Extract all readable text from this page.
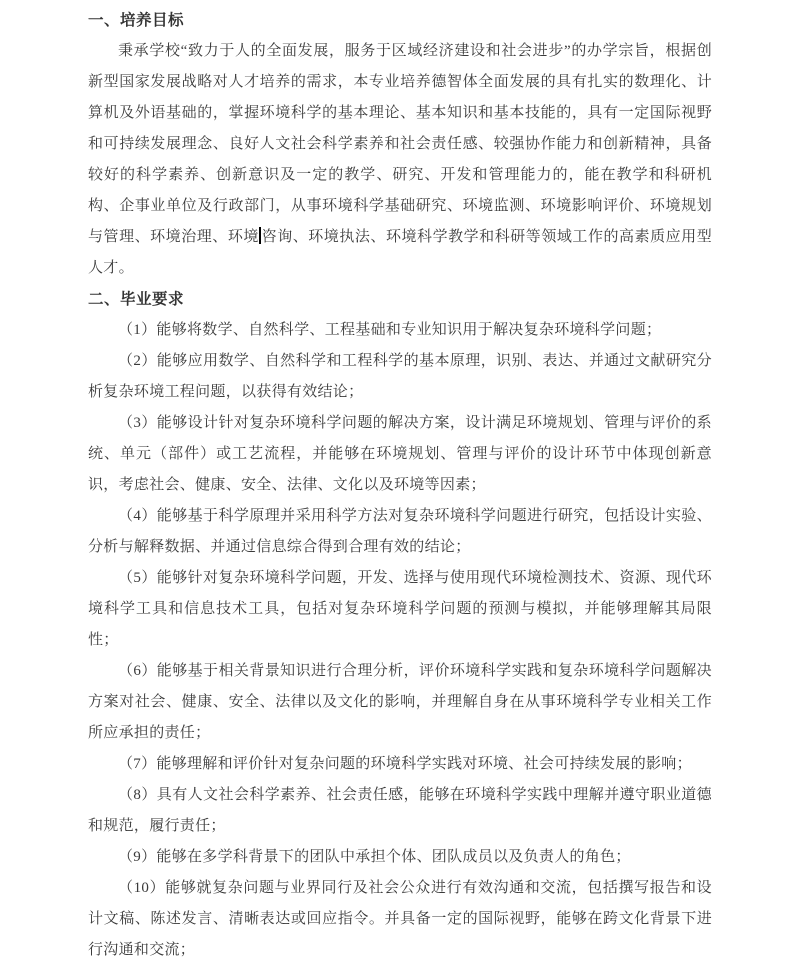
一、培养目标

秉承学校“致力于人的全面发展，服务于区域经济建设和社会进步”的办学宗旨，根据创新型国家发展战略对人才培养的需求，本专业培养德智体全面发展的具有扎实的数理化、计算机及外语基础的，掌握环境科学的基本理论、基本知识和基本技能的，具有一定国际视野和可持续发展理念、良好人文社会科学素养和社会责任感、较强协作能力和创新精神，具备较好的科学素养、创新意识及一定的教学、研究、开发和管理能力的，能在教学和科研机构、企事业单位及行政部门，从事环境科学基础研究、环境监测、环境影响评价、环境规划与管理、环境治理、环境 咨询、环境执法、环境科学教学和科研等领域工作的高素质应用型人才。

二、毕业要求

（1）能够将数学、自然科学、工程基础和专业知识用于解决复杂环境科学问题；

（2）能够应用数学、自然科学和工程科学的基本原理，识别、表达、并通过文献研究分析复杂环境工程问题，以获得有效结论；

（3）能够设计针对复杂环境科学问题的解决方案，设计满足环境规划、管理与评价的系统、单元（部件）或工艺流程，并能够在环境规划、管理与评价的设计环节中体现创新意识，考虑社会、健康、安全、法律、文化以及环境等因素；

（4）能够基于科学原理并采用科学方法对复杂环境科学问题进行研究，包括设计实验、分析与解释数据、并通过信息综合得到合理有效的结论；

（5）能够针对复杂环境科学问题，开发、选择与使用现代环境检测技术、资源、现代环境科学工具和信息技术工具，包括对复杂环境科学问题的预测与模拟，并能够理解其局限性；

（6）能够基于相关背景知识进行合理分析，评价环境科学实践和复杂环境科学问题解决方案对社会、健康、安全、法律以及文化的影响，并理解自身在从事环境科学专业相关工作所应承担的责任；

（7）能够理解和评价针对复杂问题的环境科学实践对环境、社会可持续发展的影响；

（8）具有人文社会科学素养、社会责任感，能够在环境科学实践中理解并遵守职业道德和规范，履行责任；

（9）能够在多学科背景下的团队中承担个体、团队成员以及负责人的角色；

（10）能够就复杂问题与业界同行及社会公众进行有效沟通和交流，包括撰写报告和设计文稿、陈述发言、清晰表达或回应指令。并具备一定的国际视野，能够在跨文化背景下进行沟通和交流；
